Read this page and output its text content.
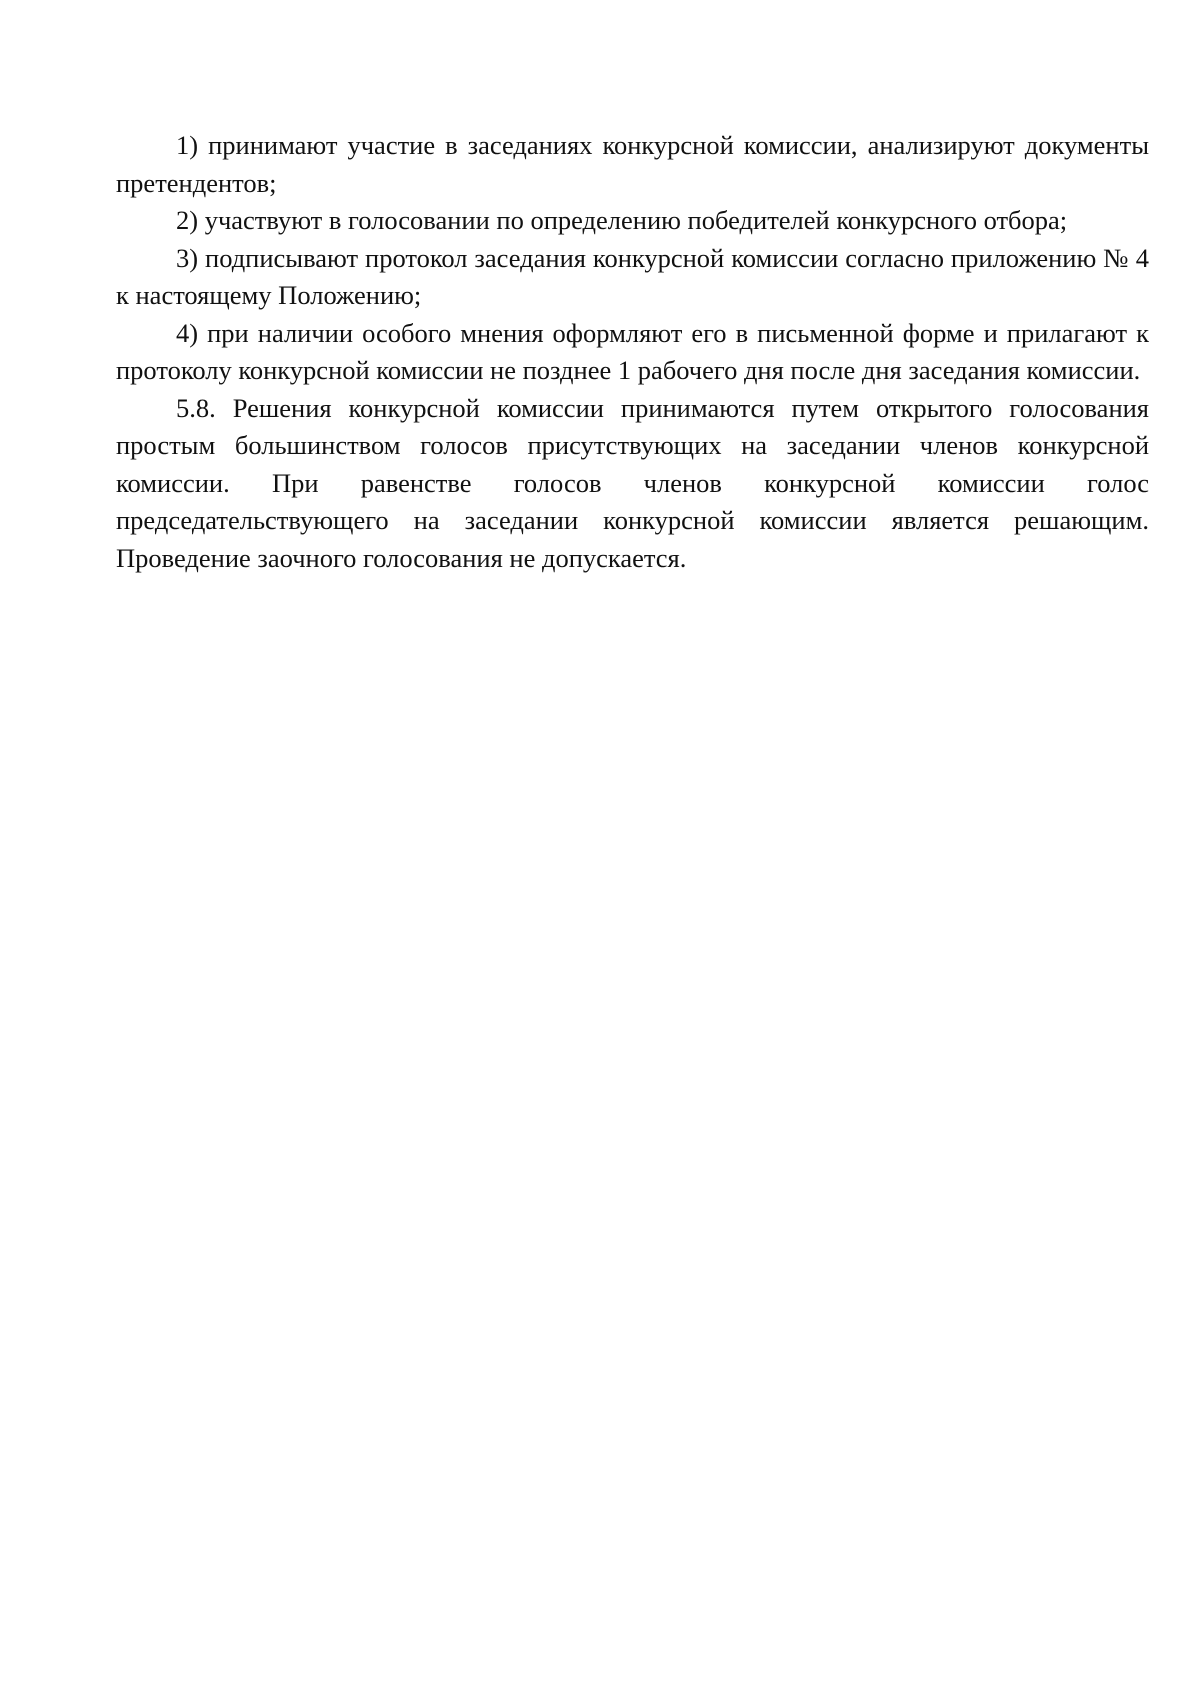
1) принимают участие в заседаниях конкурсной комиссии, анализируют документы претендентов;

2) участвуют в голосовании по определению победителей конкурсного отбора;

3) подписывают протокол заседания конкурсной комиссии согласно приложению № 4 к настоящему Положению;

4) при наличии особого мнения оформляют его в письменной форме и прилагают к протоколу конкурсной комиссии не позднее 1 рабочего дня после дня заседания комиссии.

5.8. Решения конкурсной комиссии принимаются путем открытого голосования простым большинством голосов присутствующих на заседании членов конкурсной комиссии. При равенстве голосов членов конкурсной комиссии голос председательствующего на заседании конкурсной комиссии является решающим. Проведение заочного голосования не допускается.
